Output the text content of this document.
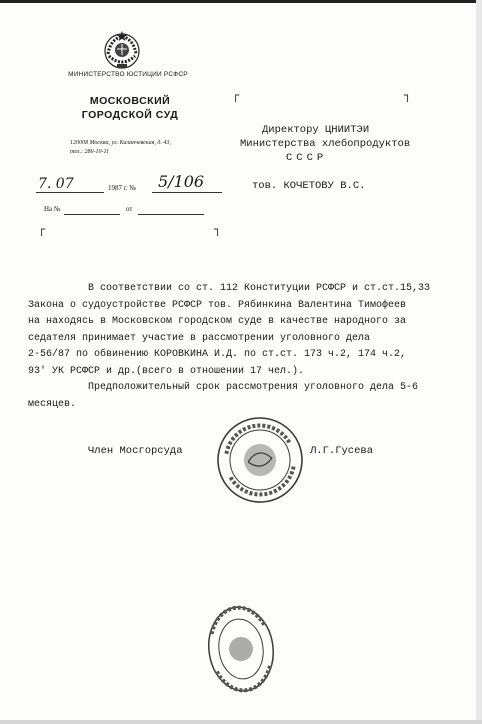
МИНИСТЕРСТВО ЮСТИЦИИ РСФСР
МОСКОВСКИЙ
ГОРОДСКОЙ СУД
120008 Москва, ул. Каланчевская, д. 43,
тел.: 286-10-11
7. 07	1987 г. № 5/106
На №	от
┌	┐
┌	┐
Директору ЦНИИТЭИ
Министерства хлебопродуктов
СССР
тов. КОЧЕТОВУ В.С.

В соответствии со ст. 112 Конституции РСФСР и ст.ст.15,33

Закона о судоустройстве РСФСР тов. Рябинкина Валентина Тимофеев

на находясь в Московском городском суде в качестве народного за

седателя принимает участие в рассмотрении уголовного дела

2-56/87 по обвинению КОРОВКИНА И.Д. по ст.ст. 173 ч.2, 174 ч.2,

93' УК РСФСР и др.(всего в отношении 17 чел.).

Предположительный срок рассмотрения уголовного дела 5-6

месяцев.

Член Мосгорсуда	Л.Г.Гусева
